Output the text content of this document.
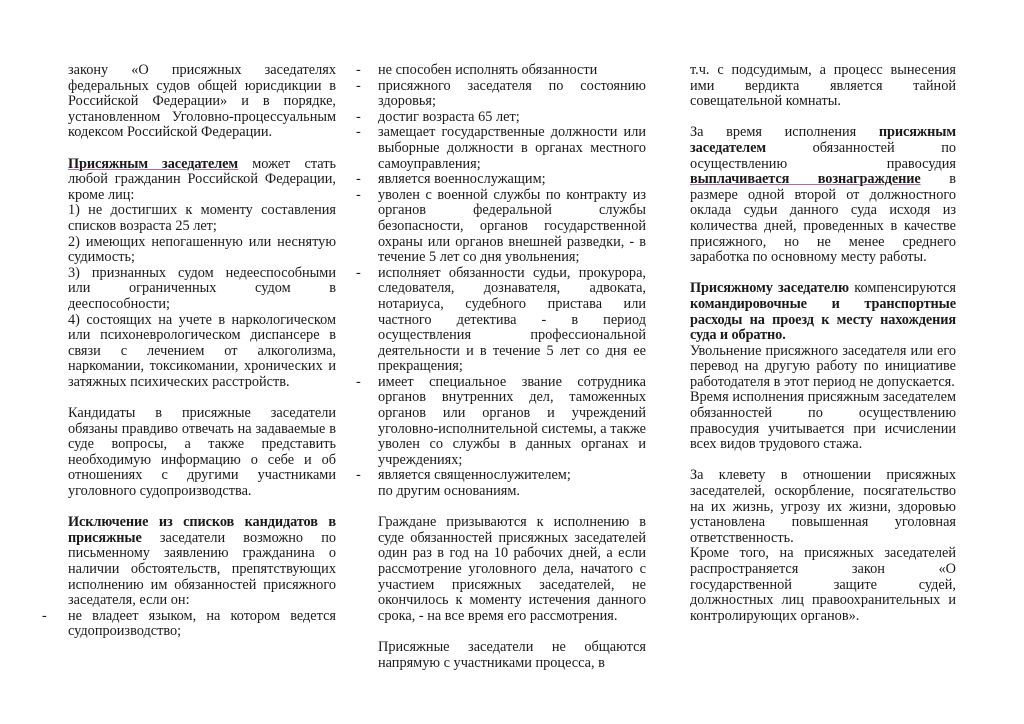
закону «О присяжных заседателях федеральных судов общей юрисдикции в Российской Федерации» и в порядке, установленном Уголовно-процессуальным кодексом Российской Федерации.

Присяжным заседателем может стать любой гражданин Российской Федерации, кроме лиц:

1) не достигших к моменту составления списков возраста 25 лет;

2) имеющих непогашенную или неснятую судимость;

3) признанных судом недееспособными или ограниченных судом в дееспособности;

4) состоящих на учете в наркологическом или психоневрологическом диспансере в связи с лечением от алкоголизма, наркомании, токсикомании, хронических и затяжных психических расстройств.

Кандидаты в присяжные заседатели обязаны правдиво отвечать на задаваемые в суде вопросы, а также представить необходимую информацию о себе и об отношениях с другими участниками уголовного судопроизводства.

Исключение из списков кандидатов в присяжные заседатели возможно по письменному заявлению гражданина о наличии обстоятельств, препятствующих исполнению им обязанностей присяжного заседателя, если он:

- не владеет языком, на котором ведется судопроизводство;
- не способен исполнять обязанности
- присяжного заседателя по состоянию здоровья;
- достиг возраста 65 лет;
- замещает государственные должности или выборные должности в органах местного самоуправления;
- является военнослужащим;
- уволен с военной службы по контракту из органов федеральной службы безопасности, органов государственной охраны или органов внешней разведки, - в течение 5 лет со дня увольнения;
- исполняет обязанности судьи, прокурора, следователя, дознавателя, адвоката, нотариуса, судебного пристава или частного детектива - в период осуществления профессиональной деятельности и в течение 5 лет со дня ее прекращения;
- имеет специальное звание сотрудника органов внутренних дел, таможенных органов или органов и учреждений уголовно-исполнительной системы, а также уволен со службы в данных органах и учреждениях;
- является священнослужителем;
по другим основаниям.

Граждане призываются к исполнению в суде обязанностей присяжных заседателей один раз в год на 10 рабочих дней, а если рассмотрение уголовного дела, начатого с участием присяжных заседателей, не окончилось к моменту истечения данного срока, - на все время его рассмотрения.

Присяжные заседатели не общаются напрямую с участниками процесса, в

т.ч. с подсудимым, а процесс вынесения ими вердикта является тайной совещательной комнаты.

За время исполнения присяжным заседателем обязанностей по осуществлению правосудия выплачивается вознаграждение в размере одной второй от должностного оклада судьи данного суда исходя из количества дней, проведенных в качестве присяжного, но не менее среднего заработка по основному месту работы.

Присяжному заседателю компенсируются командировочные и транспортные расходы на проезд к месту нахождения суда и обратно.

Увольнение присяжного заседателя или его перевод на другую работу по инициативе работодателя в этот период не допускается.

Время исполнения присяжным заседателем обязанностей по осуществлению правосудия учитывается при исчислении всех видов трудового стажа.

За клевету в отношении присяжных заседателей, оскорбление, посягательство на их жизнь, угрозу их жизни, здоровью установлена повышенная уголовная ответственность.

Кроме того, на присяжных заседателей распространяется закон «О государственной защите судей, должностных лиц правоохранительных и контролирующих органов».
